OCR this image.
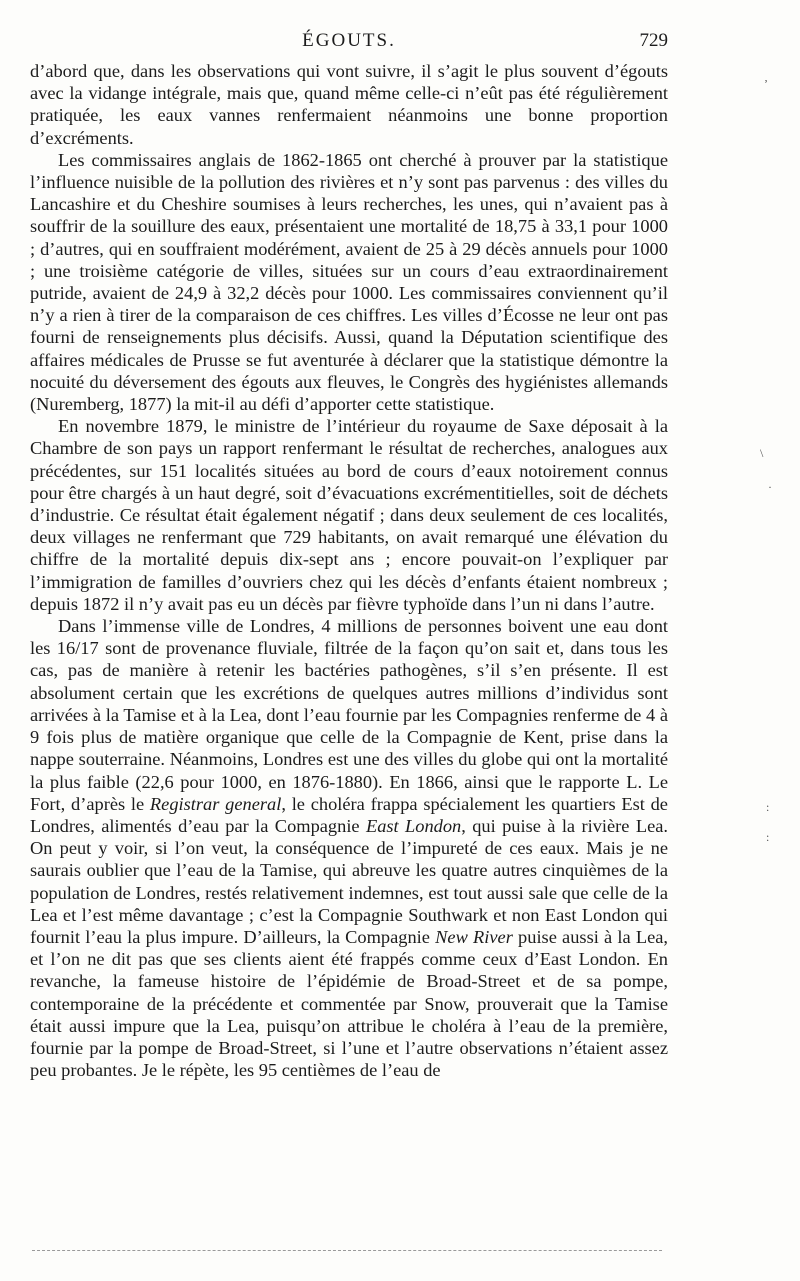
ÉGOUTS.	729

d’abord que, dans les observations qui vont suivre, il s’agit le plus souvent d’égouts avec la vidange intégrale, mais que, quand même celle-ci n’eût pas été régulièrement pratiquée, les eaux vannes renfermaient néanmoins une bonne proportion d’excréments.

Les commissaires anglais de 1862-1865 ont cherché à prouver par la statistique l’influence nuisible de la pollution des rivières et n’y sont pas parvenus : des villes du Lancashire et du Cheshire soumises à leurs recherches, les unes, qui n’avaient pas à souffrir de la souillure des eaux, présentaient une mortalité de 18,75 à 33,1 pour 1000 ; d’autres, qui en souffraient modérément, avaient de 25 à 29 décès annuels pour 1000 ; une troisième catégorie de villes, situées sur un cours d’eau extraordinairement putride, avaient de 24,9 à 32,2 décès pour 1000. Les commissaires conviennent qu’il n’y a rien à tirer de la comparaison de ces chiffres. Les villes d’Écosse ne leur ont pas fourni de renseignements plus décisifs. Aussi, quand la Députation scientifique des affaires médicales de Prusse se fut aventurée à déclarer que la statistique démontre la nocuité du déversement des égouts aux fleuves, le Congrès des hygiénistes allemands (Nuremberg, 1877) la mit-il au défi d’apporter cette statistique.

En novembre 1879, le ministre de l’intérieur du royaume de Saxe déposait à la Chambre de son pays un rapport renfermant le résultat de recherches, analogues aux précédentes, sur 151 localités situées au bord de cours d’eaux notoirement connus pour être chargés à un haut degré, soit d’évacuations excrémentitielles, soit de déchets d’industrie. Ce résultat était également négatif ; dans deux seulement de ces localités, deux villages ne renfermant que 729 habitants, on avait remarqué une élévation du chiffre de la mortalité depuis dix-sept ans ; encore pouvait-on l’expliquer par l’immigration de familles d’ouvriers chez qui les décès d’enfants étaient nombreux ; depuis 1872 il n’y avait pas eu un décès par fièvre typhoïde dans l’un ni dans l’autre.

Dans l’immense ville de Londres, 4 millions de personnes boivent une eau dont les 16/17 sont de provenance fluviale, filtrée de la façon qu’on sait et, dans tous les cas, pas de manière à retenir les bactéries pathogènes, s’il s’en présente. Il est absolument certain que les excrétions de quelques autres millions d’individus sont arrivées à la Tamise et à la Lea, dont l’eau fournie par les Compagnies renferme de 4 à 9 fois plus de matière organique que celle de la Compagnie de Kent, prise dans la nappe souterraine. Néanmoins, Londres est une des villes du globe qui ont la mortalité la plus faible (22,6 pour 1000, en 1876-1880). En 1866, ainsi que le rapporte L. Le Fort, d’après le Registrar general, le choléra frappa spécialement les quartiers Est de Londres, alimentés d’eau par la Compagnie East London, qui puise à la rivière Lea. On peut y voir, si l’on veut, la conséquence de l’impureté de ces eaux. Mais je ne saurais oublier que l’eau de la Tamise, qui abreuve les quatre autres cinquièmes de la population de Londres, restés relativement indemnes, est tout aussi sale que celle de la Lea et l’est même davantage ; c’est la Compagnie Southwark et non East London qui fournit l’eau la plus impure. D’ailleurs, la Compagnie New River puise aussi à la Lea, et l’on ne dit pas que ses clients aient été frappés comme ceux d’East London. En revanche, la fameuse histoire de l’épidémie de Broad-Street et de sa pompe, contemporaine de la précédente et commentée par Snow, prouverait que la Tamise était aussi impure que la Lea, puisqu’on attribue le choléra à l’eau de la première, fournie par la pompe de Broad-Street, si l’une et l’autre observations n’étaient assez peu probantes. Je le répète, les 95 centièmes de l’eau de

‚
\
·
:
:
